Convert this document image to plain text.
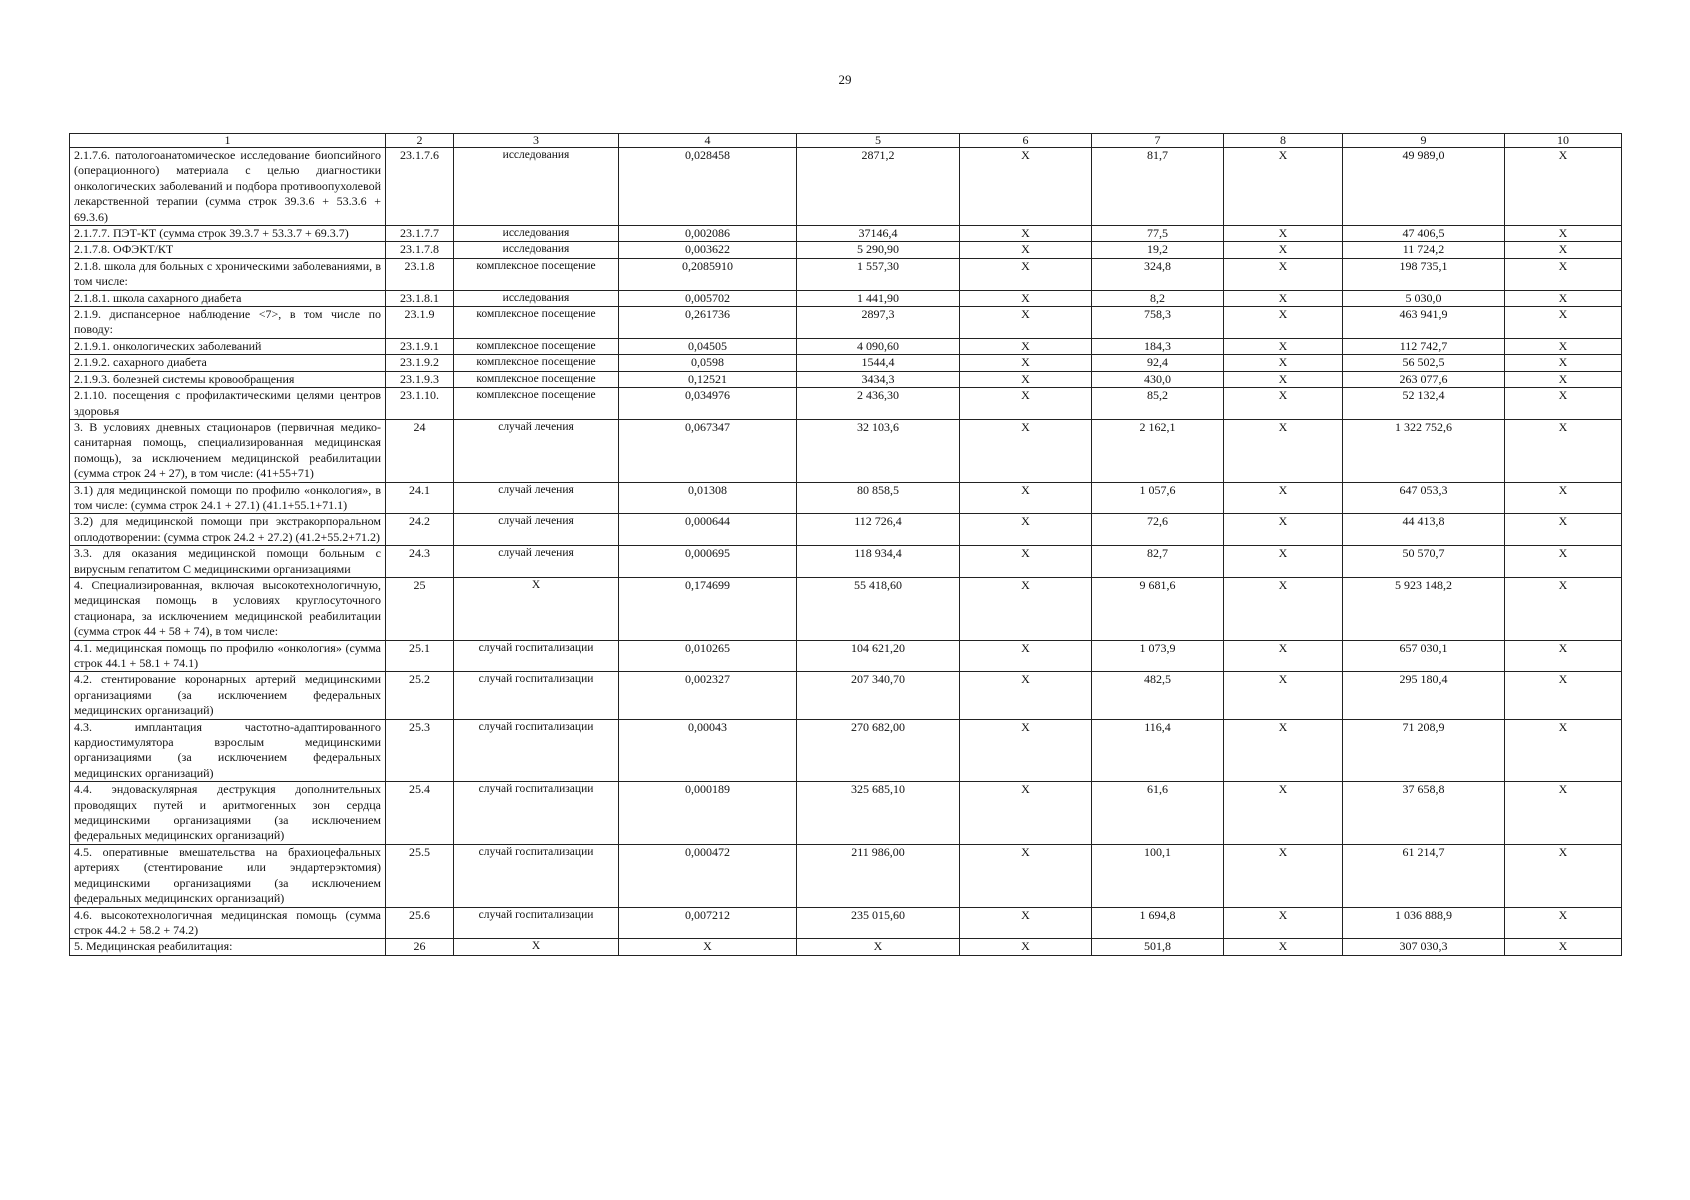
29
1	2	3	4	5	6	7	8	9	10
2.1.7.6. патологоанатомическое исследование биопсийного (операционного) материала с целью диагностики онкологических заболеваний и подбора противоопухолевой лекарственной терапии (сумма строк 39.3.6 + 53.3.6 + 69.3.6)	23.1.7.6	исследования	0,028458	2871,2	X	81,7	X	49 989,0	X
2.1.7.7. ПЭТ-КТ (сумма строк 39.3.7 + 53.3.7 + 69.3.7)	23.1.7.7	исследования	0,002086	37146,4	X	77,5	X	47 406,5	X
2.1.7.8. ОФЭКТ/КТ	23.1.7.8	исследования	0,003622	5 290,90	X	19,2	X	11 724,2	X
2.1.8. школа для больных с хроническими заболеваниями, в том числе:	23.1.8	комплексное посещение	0,2085910	1 557,30	X	324,8	X	198 735,1	X
2.1.8.1. школа сахарного диабета	23.1.8.1	исследования	0,005702	1 441,90	X	8,2	X	5 030,0	X
2.1.9. диспансерное наблюдение <7>, в том числе по поводу:	23.1.9	комплексное посещение	0,261736	2897,3	X	758,3	X	463 941,9	X
2.1.9.1. онкологических заболеваний	23.1.9.1	комплексное посещение	0,04505	4 090,60	X	184,3	X	112 742,7	X
2.1.9.2. сахарного диабета	23.1.9.2	комплексное посещение	0,0598	1544,4	X	92,4	X	56 502,5	X
2.1.9.3. болезней системы кровообращения	23.1.9.3	комплексное посещение	0,12521	3434,3	X	430,0	X	263 077,6	X
2.1.10. посещения с профилактическими целями центров здоровья	23.1.10.	комплексное посещение	0,034976	2 436,30	X	85,2	X	52 132,4	X
3. В условиях дневных стационаров (первичная медико-санитарная помощь, специализированная медицинская помощь), за исключением медицинской реабилитации (сумма строк 24 + 27), в том числе: (41+55+71)	24	случай лечения	0,067347	32 103,6	X	2 162,1	X	1 322 752,6	X
3.1) для медицинской помощи по профилю «онкология», в том числе: (сумма строк 24.1 + 27.1) (41.1+55.1+71.1)	24.1	случай лечения	0,01308	80 858,5	X	1 057,6	X	647 053,3	X
3.2) для медицинской помощи при экстракорпоральном оплодотворении: (сумма строк 24.2 + 27.2) (41.2+55.2+71.2)	24.2	случай лечения	0,000644	112 726,4	X	72,6	X	44 413,8	X
3.3. для оказания медицинской помощи больным с вирусным гепатитом С медицинскими организациями	24.3	случай лечения	0,000695	118 934,4	X	82,7	X	50 570,7	X
4. Специализированная, включая высокотехнологичную, медицинская помощь в условиях круглосуточного стационара, за исключением медицинской реабилитации (сумма строк 44 + 58 + 74), в том числе:	25	X	0,174699	55 418,60	X	9 681,6	X	5 923 148,2	X
4.1. медицинская помощь по профилю «онкология» (сумма строк 44.1 + 58.1 + 74.1)	25.1	случай госпитализации	0,010265	104 621,20	X	1 073,9	X	657 030,1	X
4.2. стентирование коронарных артерий медицинскими организациями (за исключением федеральных медицинских организаций)	25.2	случай госпитализации	0,002327	207 340,70	X	482,5	X	295 180,4	X
4.3. имплантация частотно-адаптированного кардиостимулятора взрослым медицинскими организациями (за исключением федеральных медицинских организаций)	25.3	случай госпитализации	0,00043	270 682,00	X	116,4	X	71 208,9	X
4.4. эндоваскулярная деструкция дополнительных проводящих путей и аритмогенных зон сердца медицинскими организациями (за исключением федеральных медицинских организаций)	25.4	случай госпитализации	0,000189	325 685,10	X	61,6	X	37 658,8	X
4.5. оперативные вмешательства на брахиоцефальных артериях (стентирование или эндартерэктомия) медицинскими организациями (за исключением федеральных медицинских организаций)	25.5	случай госпитализации	0,000472	211 986,00	X	100,1	X	61 214,7	X
4.6. высокотехнологичная медицинская помощь (сумма строк 44.2 + 58.2 + 74.2)	25.6	случай госпитализации	0,007212	235 015,60	X	1 694,8	X	1 036 888,9	X
5. Медицинская реабилитация:	26	X	X	X	X	501,8	X	307 030,3	X
